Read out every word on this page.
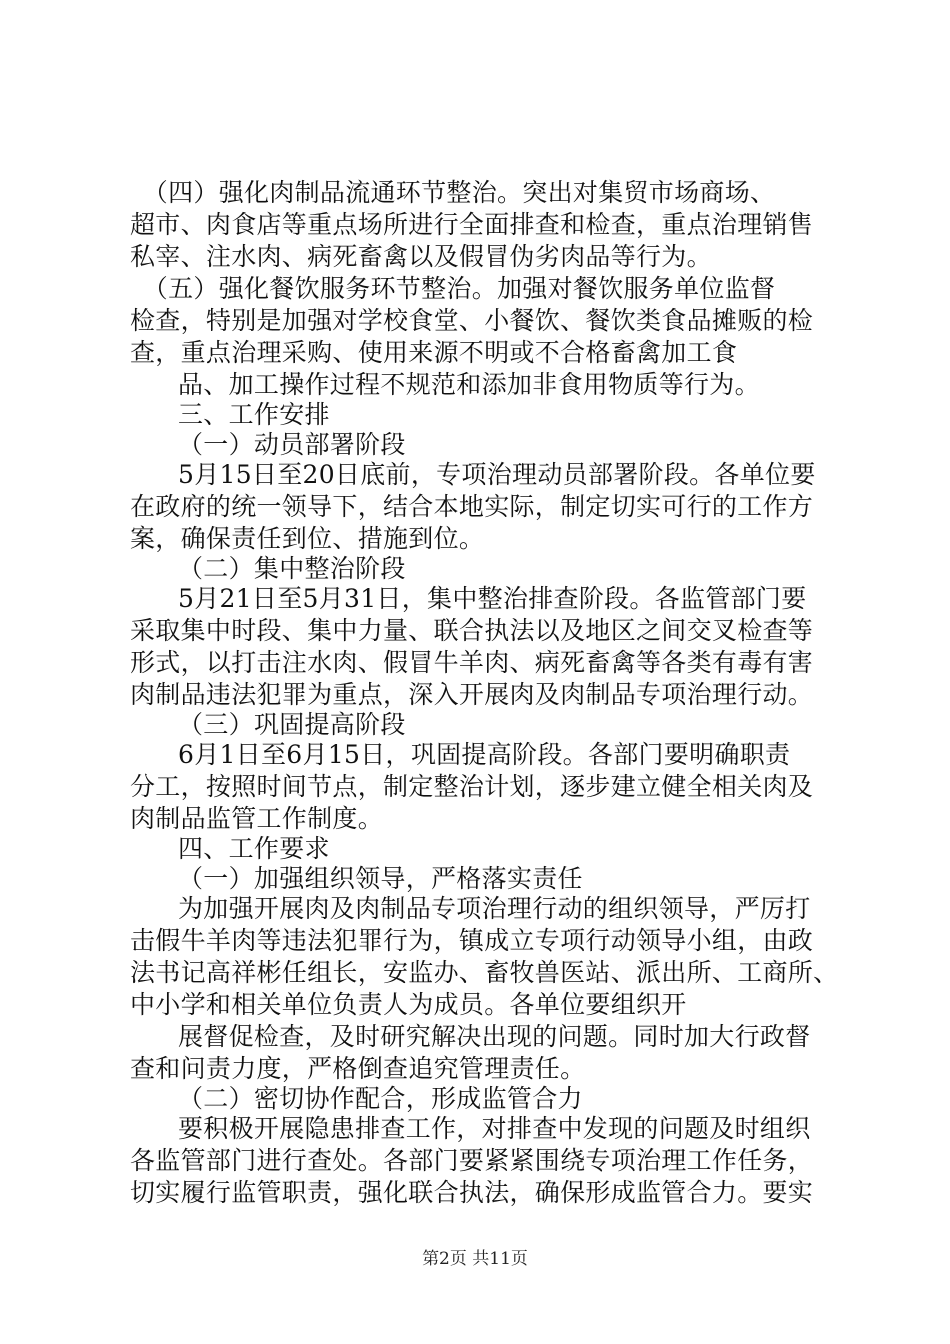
　（四）强化肉制品流通环节整治。突出对集贸市场商场、
超市、肉食店等重点场所进行全面排查和检查，重点治理销售
私宰、注水肉、病死畜禽以及假冒伪劣肉品等行为。
　（五）强化餐饮服务环节整治。加强对餐饮服务单位监督
检查，特别是加强对学校食堂、小餐饮、餐饮类食品摊贩的检
查，重点治理采购、使用来源不明或不合格畜禽加工食
品、加工操作过程不规范和添加非食用物质等行为。
三、工作安排
（一）动员部署阶段
5月15日至20日底前，专项治理动员部署阶段。各单位要
在政府的统一领导下，结合本地实际，制定切实可行的工作方
案，确保责任到位、措施到位。
（二）集中整治阶段
5月21日至5月31日，集中整治排查阶段。各监管部门要
采取集中时段、集中力量、联合执法以及地区之间交叉检查等
形式，以打击注水肉、假冒牛羊肉、病死畜禽等各类有毒有害
肉制品违法犯罪为重点，深入开展肉及肉制品专项治理行动。
（三）巩固提高阶段
6月1日至6月15日，巩固提高阶段。各部门要明确职责
分工，按照时间节点，制定整治计划，逐步建立健全相关肉及
肉制品监管工作制度。
四、工作要求
（一）加强组织领导，严格落实责任
为加强开展肉及肉制品专项治理行动的组织领导，严厉打
击假牛羊肉等违法犯罪行为，镇成立专项行动领导小组，由政
法书记高祥彬任组长，安监办、畜牧兽医站、派出所、工商所、
中小学和相关单位负责人为成员。各单位要组织开
展督促检查，及时研究解决出现的问题。同时加大行政督
查和问责力度，严格倒查追究管理责任。
（二）密切协作配合，形成监管合力
要积极开展隐患排查工作，对排查中发现的问题及时组织
各监管部门进行查处。各部门要紧紧围绕专项治理工作任务，
切实履行监管职责，强化联合执法，确保形成监管合力。要实
第2页 共11页
